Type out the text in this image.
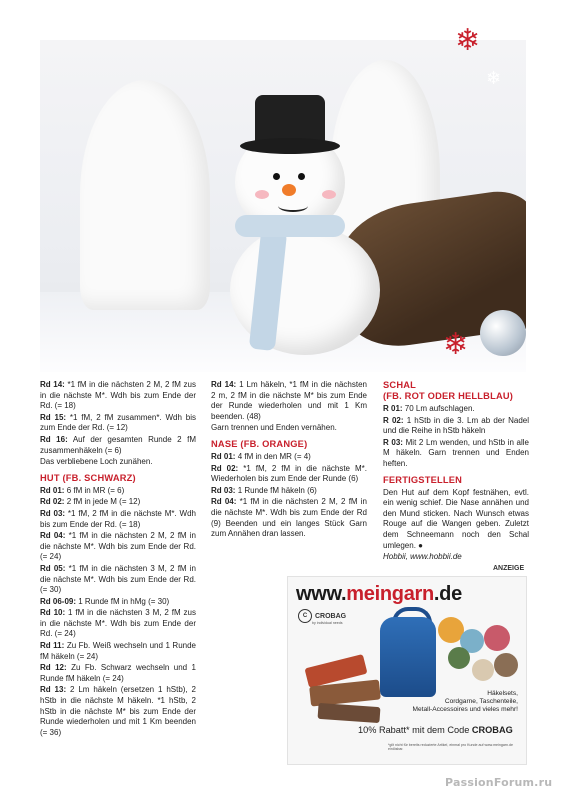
❄
❄
❄

Rd 14: *1 fM in die nächsten 2 M, 2 fM zus in die nächste M*. Wdh bis zum Ende der Rd. (= 18)

Rd 15: *1 fM, 2 fM zusammen*. Wdh bis zum Ende der Rd. (= 12)

Rd 16: Auf der gesamten Runde 2 fM zusammenhäkeln (= 6)

Das verbliebene Loch zunähen.

HUT (FB. SCHWARZ)

Rd 01: 6 fM in MR (= 6)

Rd 02: 2 fM in jede M (= 12)

Rd 03: *1 fM, 2 fM in die nächste M*. Wdh bis zum Ende der Rd. (= 18)

Rd 04: *1 fM in die nächsten 2 M, 2 fM in die nächste M*. Wdh bis zum Ende der Rd. (= 24)

Rd 05: *1 fM in die nächsten 3 M, 2 fM in die nächste M*. Wdh bis zum Ende der Rd. (= 30)

Rd 06-09: 1 Runde fM in hMg (= 30)

Rd 10: 1 fM in die nächsten 3 M, 2 fM zus in die nächste M*. Wdh bis zum Ende der Rd. (= 24)

Rd 11: Zu Fb. Weiß wechseln und 1 Runde fM häkeln (= 24)

Rd 12: Zu Fb. Schwarz wechseln und 1 Runde fM häkeln (= 24)

Rd 13: 2 Lm häkeln (ersetzen 1 hStb), 2 hStb in die nächste M häkeln. *1 hStb, 2 hStb in die nächste M* bis zum Ende der Runde wiederholen und mit 1 Km beenden (= 36)

Rd 14: 1 Lm häkeln, *1 fM in die nächsten 2 m, 2 fM in die nächste M* bis zum Ende der Runde wiederholen und mit 1 Km beenden. (48)

Garn trennen und Enden vernähen.

NASE (FB. ORANGE)

Rd 01: 4 fM in den MR (= 4)

Rd 02: *1 fM, 2 fM in die nächste M*. Wiederholen bis zum Ende der Runde (6)

Rd 03: 1 Runde fM häkeln (6)

Rd 04: *1 fM in die nächsten 2 M, 2 fM in die nächste M*. Wdh bis zum Ende der Rd (9) Beenden und ein langes Stück Garn zum Annähen dran lassen.

SCHAL
(FB. ROT ODER HELLBLAU)

R 01: 70 Lm aufschlagen.

R 02: 1 hStb in die 3. Lm ab der Nadel und die Reihe in hStb häkeln

R 03: Mit 2 Lm wenden, und hStb in alle M häkeln. Garn trennen und Enden heften.

FERTIGSTELLEN

Den Hut auf dem Kopf festnähen, evtl. ein wenig schief. Die Nase annähen und den Mund sticken. Nach Wunsch etwas Rouge auf die Wangen geben. Zuletzt dem Schneemann noch den Schal umlegen. ●

Hobbii, www.hobbii.de

ANZEIGE
www.meingarn.de
C CROBAG
by individual needs
Häkelsets,
Cordgarne, Taschenteile,
Metall-Accessoires und vieles mehr!
10% Rabatt* mit dem Code CROBAG
*gilt nicht für bereits reduzierte Artikel, einmal pro Kunde auf www.meingarn.de einlösbar.
PassionForum.ru
